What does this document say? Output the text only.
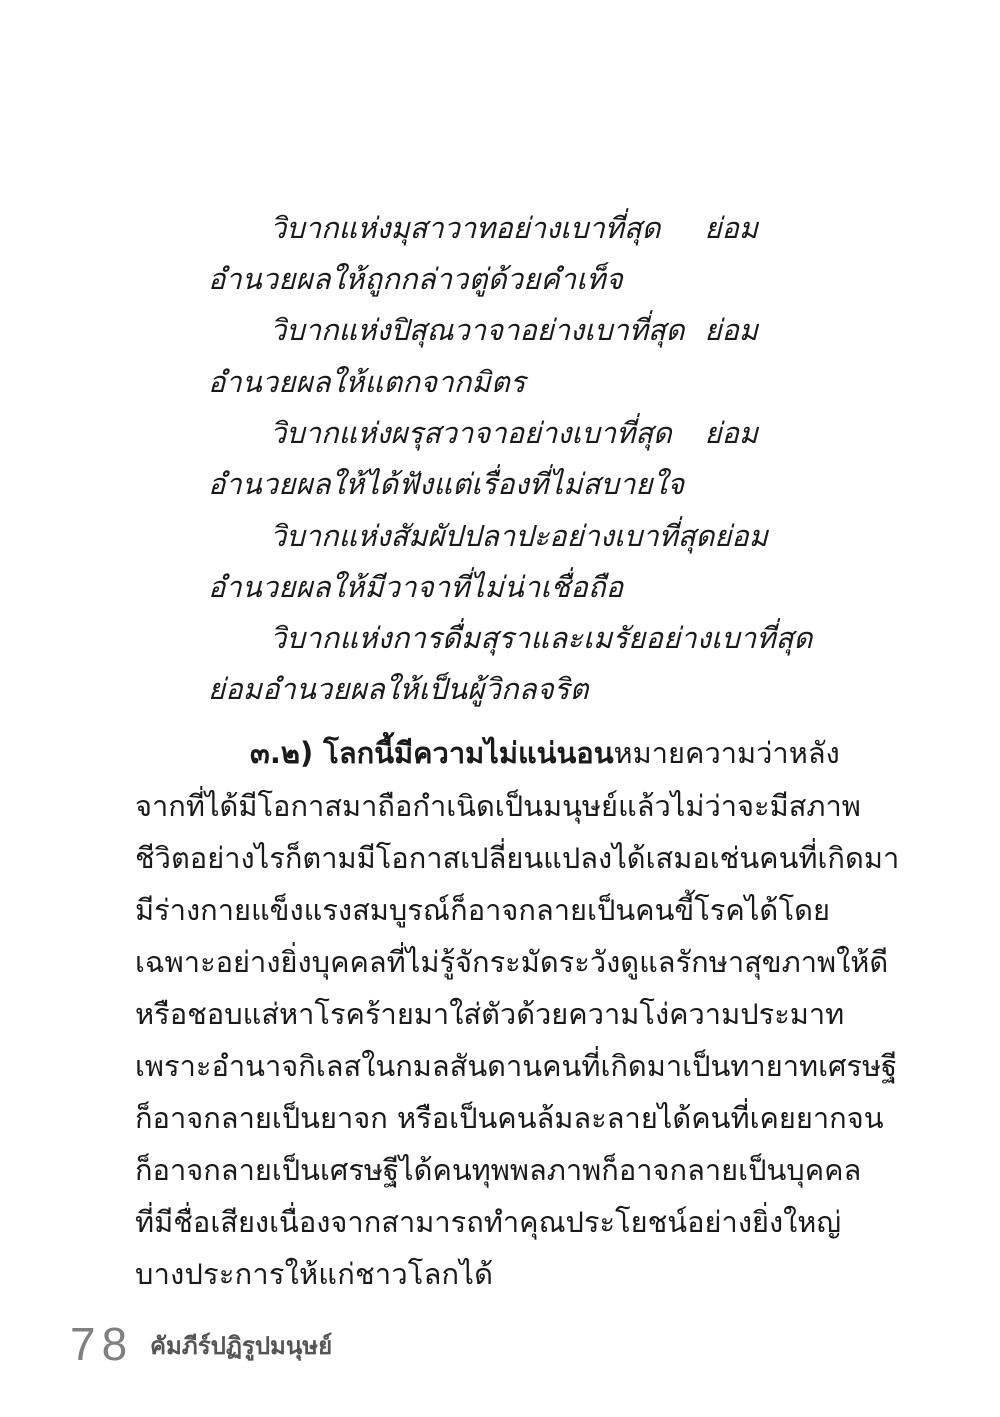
วิบากแห่งมุสาวาทอย่างเบาที่สุด ย่อม
อำนวยผลให้ถูกกล่าวตู่ด้วยคำเท็จ
วิบากแห่งปิสุณวาจาอย่างเบาที่สุด ย่อม
อำนวยผลให้แตกจากมิตร
วิบากแห่งผรุสวาจาอย่างเบาที่สุด ย่อม
อำนวยผลให้ได้ฟังแต่เรื่องที่ไม่สบายใจ
วิบากแห่งสัมผัปปลาปะอย่างเบาที่สุด ย่อม
อำนวยผลให้มีวาจาที่ไม่น่าเชื่อถือ
วิบากแห่งการดื่มสุราและเมรัยอย่างเบาที่สุด
ย่อมอำนวยผลให้เป็นผู้วิกลจริต
๓.๒) โลกนี้มีความไม่แน่นอน หมายความว่า หลัง
จากที่ได้มีโอกาสมาถือกำเนิดเป็นมนุษย์แล้ว ไม่ว่าจะมีสภาพ
ชีวิตอย่างไรก็ตาม มีโอกาสเปลี่ยนแปลงได้เสมอ เช่นคนที่เกิดมา
มีร่างกายแข็งแรงสมบูรณ์ ก็อาจกลายเป็นคนขี้โรคได้ โดย
เฉพาะอย่างยิ่ง บุคคลที่ไม่รู้จักระมัดระวังดูแลรักษาสุขภาพให้ดี
หรือชอบแส่หาโรคร้ายมาใส่ตัวด้วยความโง่ ความประมาท
เพราะอำนาจกิเลสในกมลสันดาน คนที่เกิดมาเป็นทายาทเศรษฐี
ก็อาจกลายเป็นยาจก หรือเป็นคนล้มละลายได้ คนที่เคยยากจน
ก็อาจกลายเป็นเศรษฐีได้ คนทุพพลภาพก็อาจกลายเป็นบุคคล
ที่มีชื่อเสียง เนื่องจากสามารถทำคุณประโยชน์ อย่างยิ่งใหญ่
บางประการให้แก่ชาวโลกได้
78 คัมภีร์ปฏิรูปมนุษย์
